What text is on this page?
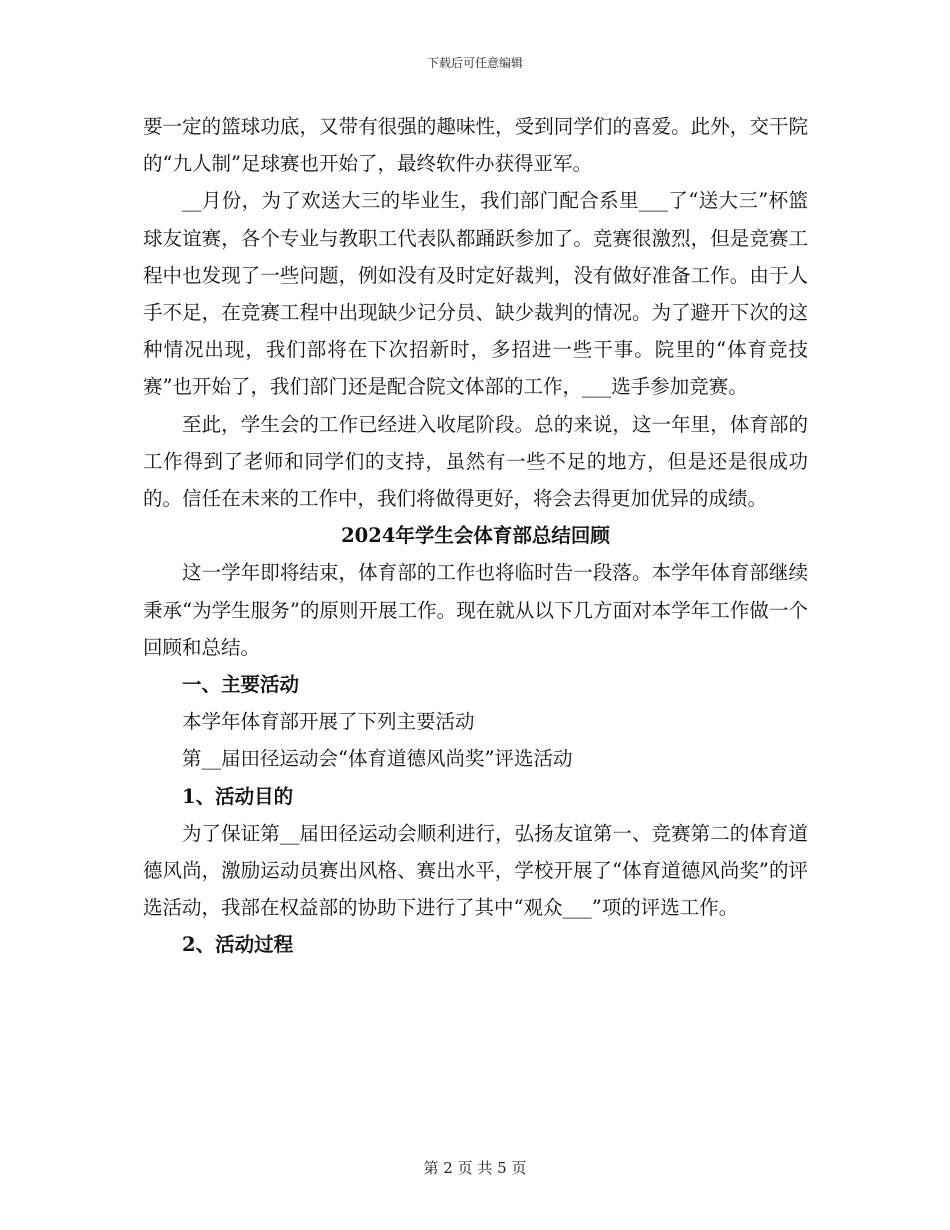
下载后可任意编辑

要一定的篮球功底，又带有很强的趣味性，受到同学们的喜爱。此外，交干院的“九人制”足球赛也开始了，最终软件办获得亚军。

__月份，为了欢送大三的毕业生，我们部门配合系里___了“送大三”杯篮球友谊赛，各个专业与教职工代表队都踊跃参加了。竞赛很激烈，但是竞赛工程中也发现了一些问题，例如没有及时定好裁判，没有做好准备工作。由于人手不足，在竞赛工程中出现缺少记分员、缺少裁判的情况。为了避开下次的这种情况出现，我们部将在下次招新时，多招进一些干事。院里的“体育竞技赛”也开始了，我们部门还是配合院文体部的工作，___选手参加竞赛。

至此，学生会的工作已经进入收尾阶段。总的来说，这一年里，体育部的工作得到了老师和同学们的支持，虽然有一些不足的地方，但是还是很成功的。信任在未来的工作中，我们将做得更好，将会去得更加优异的成绩。

2024年学生会体育部总结回顾

这一学年即将结束，体育部的工作也将临时告一段落。本学年体育部继续秉承“为学生服务”的原则开展工作。现在就从以下几方面对本学年工作做一个回顾和总结。

一、主要活动

本学年体育部开展了下列主要活动

第__届田径运动会“体育道德风尚奖”评选活动

1、活动目的

为了保证第__届田径运动会顺利进行，弘扬友谊第一、竞赛第二的体育道德风尚，激励运动员赛出风格、赛出水平，学校开展了“体育道德风尚奖”的评选活动，我部在权益部的协助下进行了其中“观众___”项的评选工作。

2、活动过程

第 2 页 共 5 页
